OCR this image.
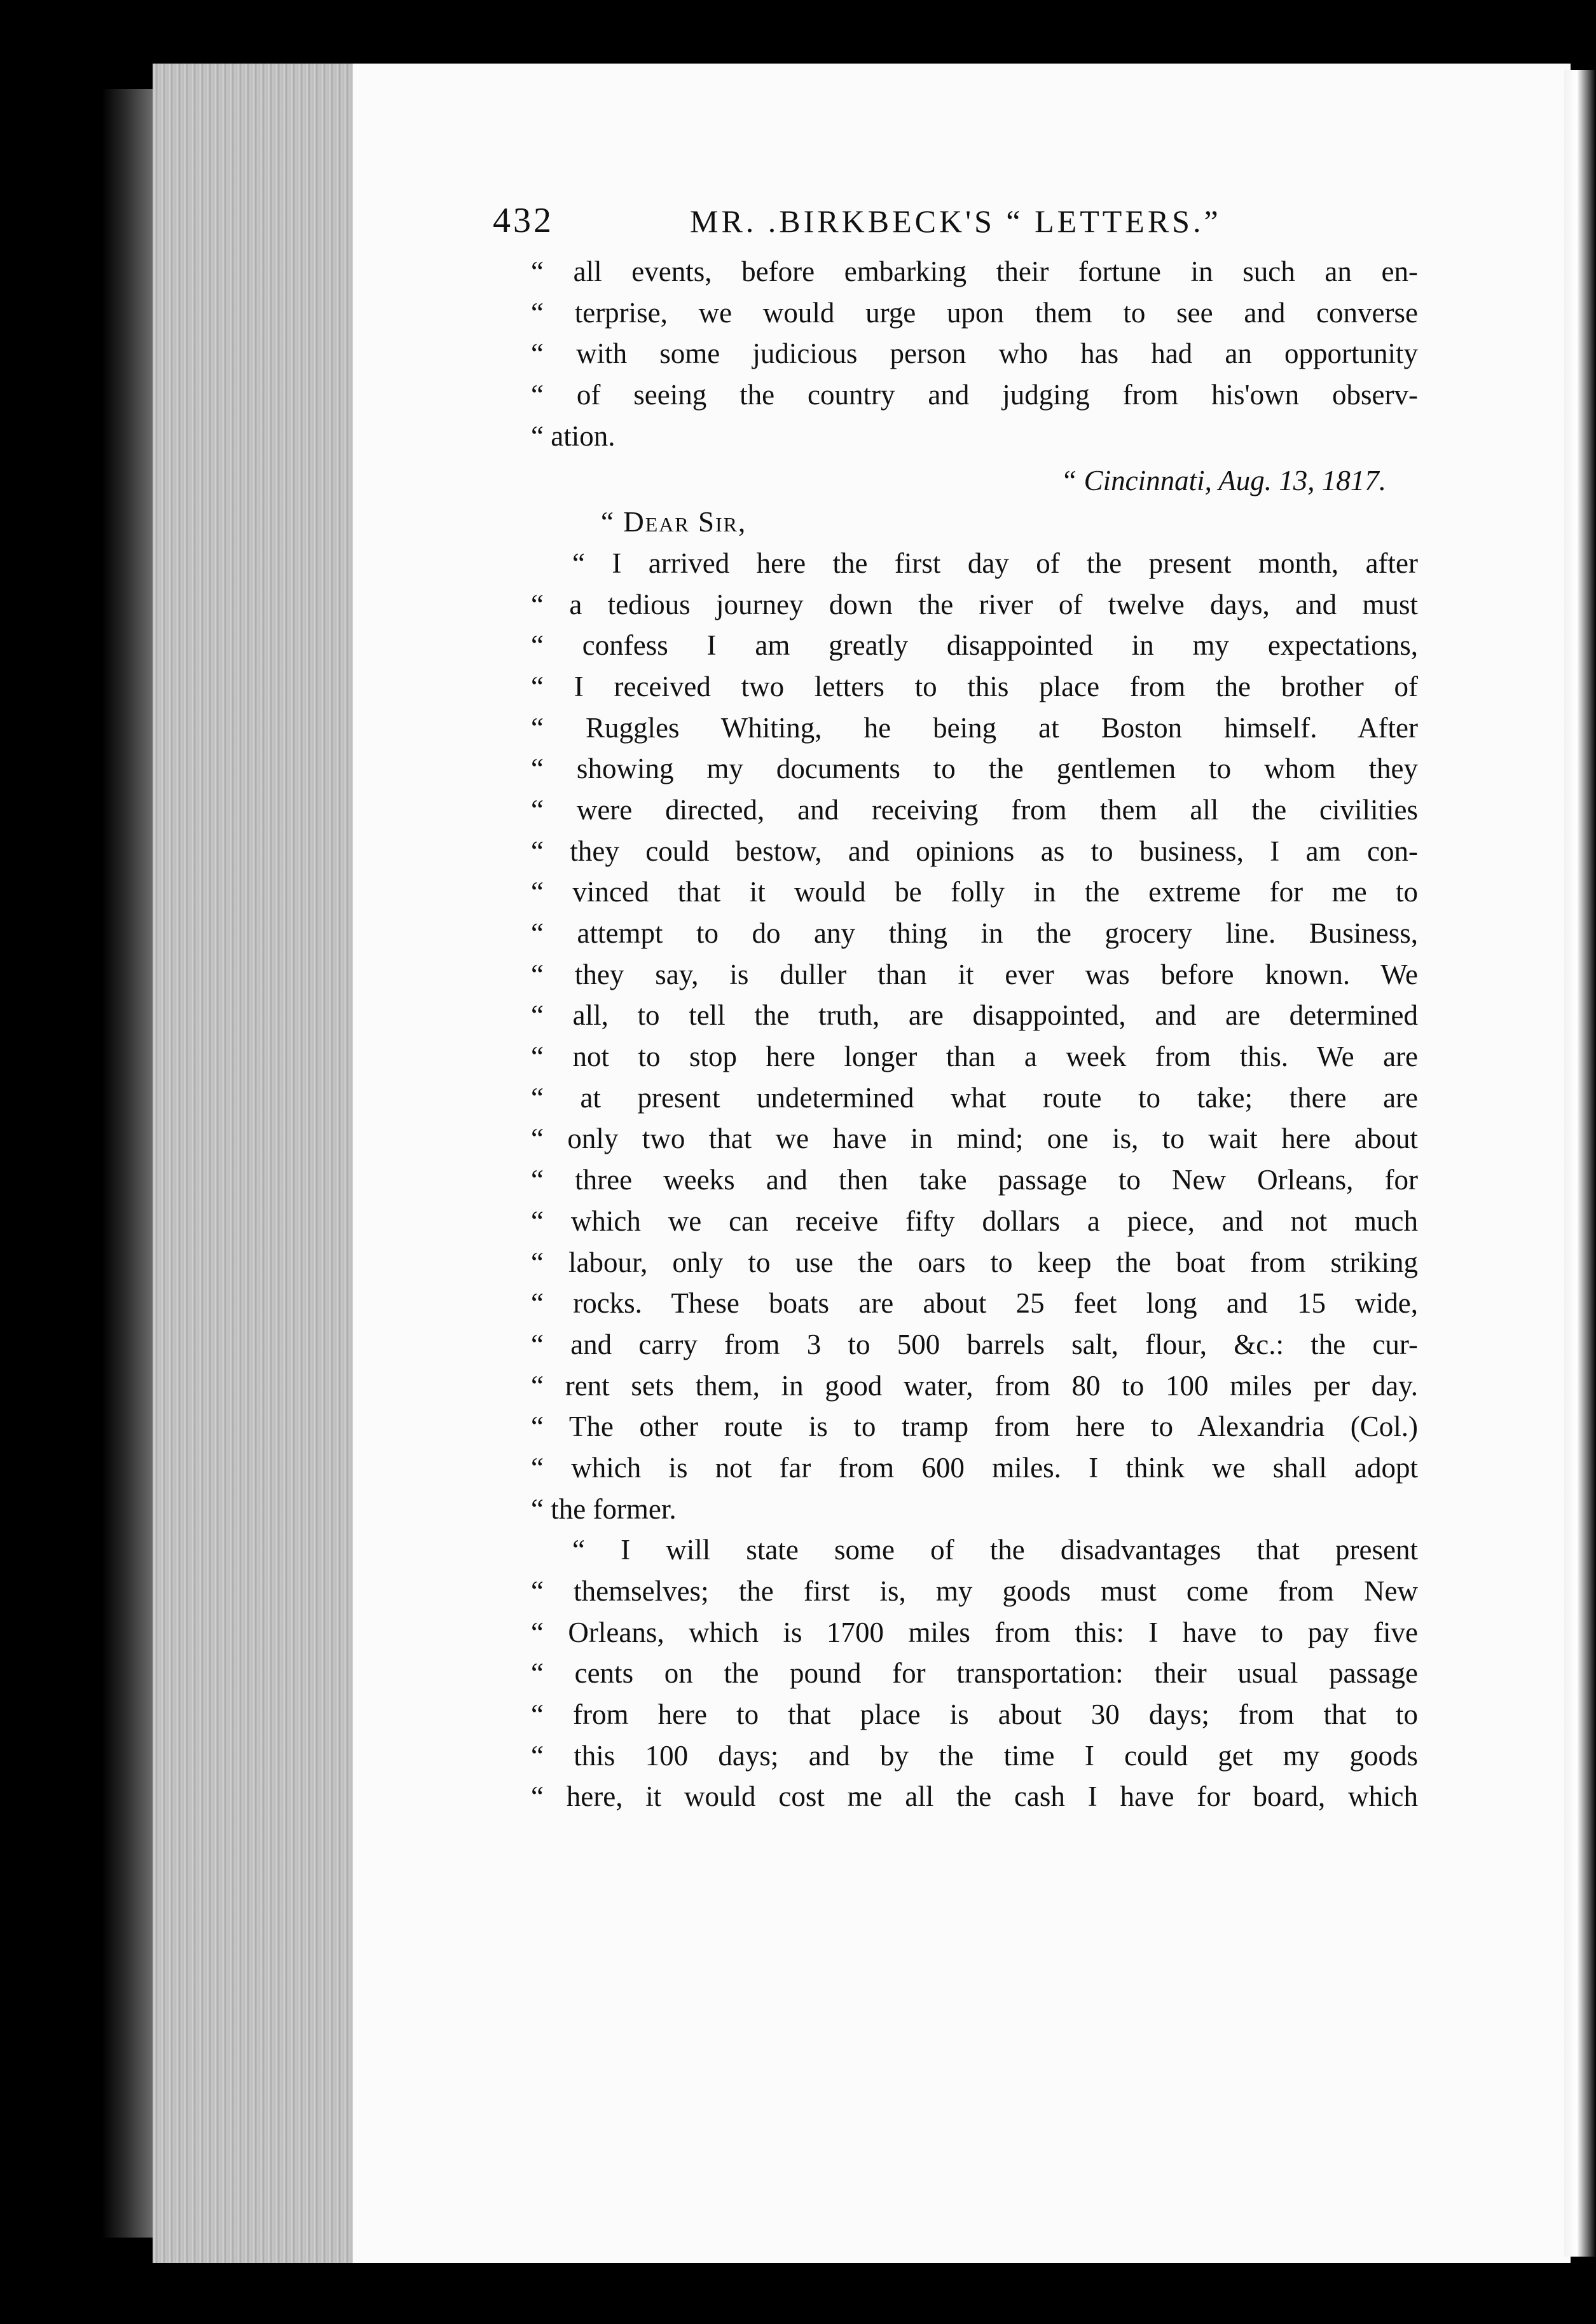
432	MR. .BIRKBECK'S “ LETTERS.”
“ all events, before embarking their fortune in such an en-
“ terprise, we would urge upon them to see and converse
“ with some judicious person who has had an opportunity
“ of seeing the country and judging from his'own observ-
“ ation.
“ Cincinnati, Aug. 13, 1817.
“ Dear Sir,
“ I arrived here the first day of the present month, after
“ a tedious journey down the river of twelve days, and must
“ confess I am greatly disappointed in my expectations,
“ I received two letters to this place from the brother of
“ Ruggles Whiting, he being at Boston himself. After
“ showing my documents to the gentlemen to whom they
“ were directed, and receiving from them all the civilities
“ they could bestow, and opinions as to business, I am con-
“ vinced that it would be folly in the extreme for me to
“ attempt to do any thing in the grocery line. Business,
“ they say, is duller than it ever was before known. We
“ all, to tell the truth, are disappointed, and are determined
“ not to stop here longer than a week from this. We are
“ at present undetermined what route to take; there are
“ only two that we have in mind; one is, to wait here about
“ three weeks and then take passage to New Orleans, for
“ which we can receive fifty dollars a piece, and not much
“ labour, only to use the oars to keep the boat from striking
“ rocks. These boats are about 25 feet long and 15 wide,
“ and carry from 3 to 500 barrels salt, flour, &c.: the cur-
“ rent sets them, in good water, from 80 to 100 miles per day.
“ The other route is to tramp from here to Alexandria (Col.)
“ which is not far from 600 miles. I think we shall adopt
“ the former.
“ I will state some of the disadvantages that present
“ themselves; the first is, my goods must come from New
“ Orleans, which is 1700 miles from this: I have to pay five
“ cents on the pound for transportation: their usual passage
“ from here to that place is about 30 days; from that to
“ this 100 days; and by the time I could get my goods
“ here, it would cost me all the cash I have for board, which
